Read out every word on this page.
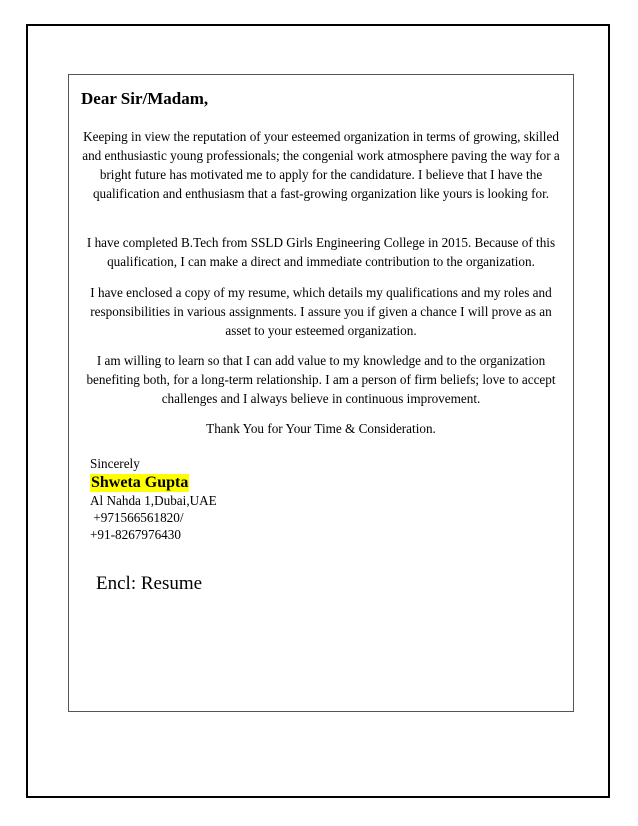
Dear Sir/Madam,

Keeping in view the reputation of your esteemed organization in terms of growing, skilled and enthusiastic young professionals; the congenial work atmosphere paving the way for a bright future has motivated me to apply for the candidature. I believe that I have the qualification and enthusiasm that a fast-growing organization like yours is looking for.

I have completed B.Tech from SSLD Girls Engineering College in 2015. Because of this qualification, I can make a direct and immediate contribution to the organization.

I have enclosed a copy of my resume, which details my qualifications and my roles and responsibilities in various assignments. I assure you if given a chance I will prove as an asset to your esteemed organization.

I am willing to learn so that I can add value to my knowledge and to the organization benefiting both, for a long-term relationship. I am a person of firm beliefs; love to accept challenges and I always believe in continuous improvement.

Thank You for Your Time & Consideration.

Sincerely
Shweta Gupta
Al Nahda 1,Dubai,UAE
+971566561820/
+91-8267976430

Encl: Resume
